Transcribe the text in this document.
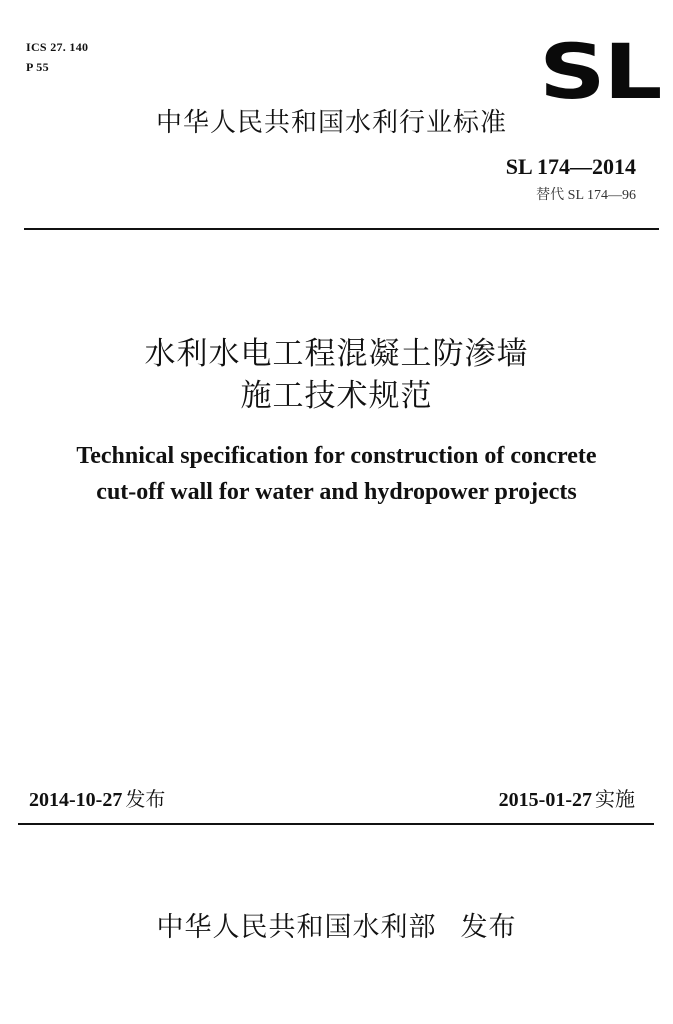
ICS 27. 140
P 55	SL
中华人民共和国水利行业标准
SL 174—2014
替代 SL 174—96
水利水电工程混凝土防渗墙
施工技术规范
Technical specification for construction of concrete
cut-off wall for water and hydropower projects
2014-10-27 发布	2015-01-27 实施
中华人民共和国水利部 发布
